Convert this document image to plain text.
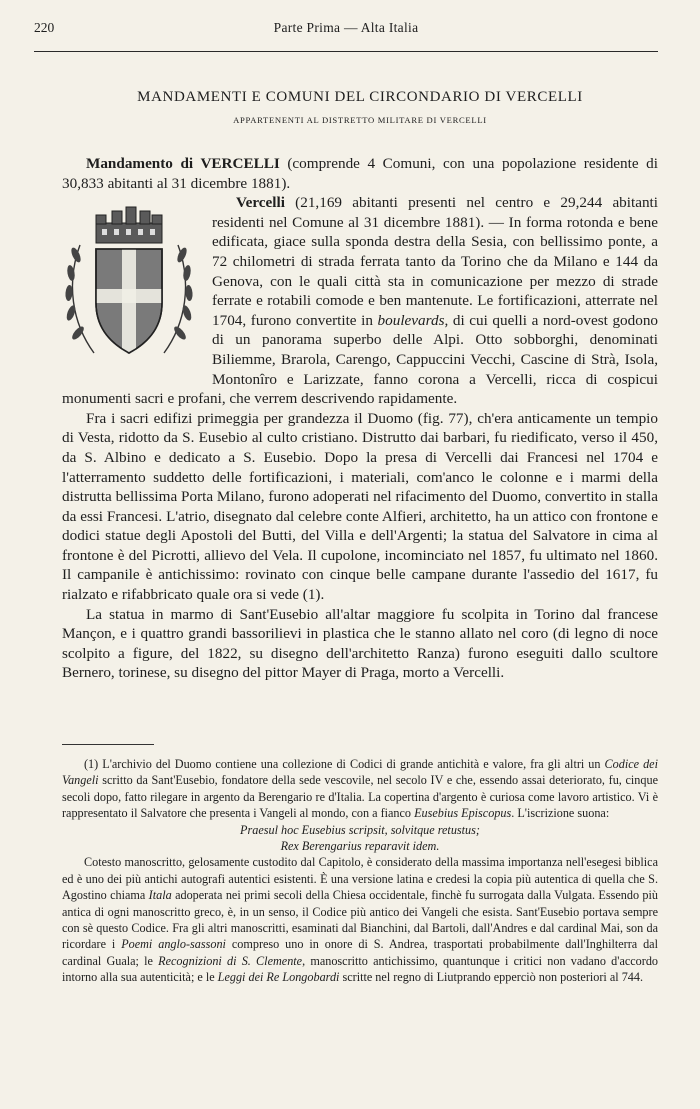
220	Parte Prima — Alta Italia
MANDAMENTI E COMUNI DEL CIRCONDARIO DI VERCELLI
APPARTENENTI AL DISTRETTO MILITARE DI VERCELLI

Mandamento di VERCELLI (comprende 4 Comuni, con una popolazione residente di 30,833 abitanti al 31 dicembre 1881).

Vercelli (21,169 abitanti presenti nel centro e 29,244 abitanti residenti nel Comune al 31 dicembre 1881). — In forma rotonda e bene edificata, giace sulla sponda destra della Sesia, con bellissimo ponte, a 72 chilometri di strada ferrata tanto da Torino che da Milano e 144 da Genova, con le quali città sta in comunicazione per mezzo di strade ferrate e rotabili comode e ben mantenute. Le fortificazioni, atterrate nel 1704, furono convertite in boulevards, di cui quelli a nord-ovest godono di un panorama superbo delle Alpi. Otto sobborghi, denominati Biliemme, Brarola, Carengo, Cappuccini Vecchi, Cascine di Strà, Isola, Montonîro e Larizzate, fanno corona a Vercelli, ricca di cospicui monumenti sacri e profani, che verrem descrivendo rapidamente.

Fra i sacri edifizi primeggia per grandezza il Duomo (fig. 77), ch'era anticamente un tempio di Vesta, ridotto da S. Eusebio al culto cristiano. Distrutto dai barbari, fu riedificato, verso il 450, da S. Albino e dedicato a S. Eusebio. Dopo la presa di Vercelli dai Francesi nel 1704 e l'atterramento suddetto delle fortificazioni, i materiali, com'anco le colonne e i marmi della distrutta bellissima Porta Milano, furono adoperati nel rifacimento del Duomo, convertito in stalla da essi Francesi. L'atrio, disegnato dal celebre conte Alfieri, architetto, ha un attico con frontone e dodici statue degli Apostoli del Butti, del Villa e dell'Argenti; la statua del Salvatore in cima al frontone è del Picrotti, allievo del Vela. Il cupolone, incominciato nel 1857, fu ultimato nel 1860. Il campanile è antichissimo: rovinato con cinque belle campane durante l'assedio del 1617, fu rialzato e rifabbricato quale ora si vede (1).

La statua in marmo di Sant'Eusebio all'altar maggiore fu scolpita in Torino dal francese Mançon, e i quattro grandi bassorilievi in plastica che le stanno allato nel coro (di legno di noce scolpito a figure, del 1822, su disegno dell'architetto Ranza) furono eseguiti dallo scultore Bernero, torinese, su disegno del pittor Mayer di Praga, morto a Vercelli.

(1) L'archivio del Duomo contiene una collezione di Codici di grande antichità e valore, fra gli altri un Codice dei Vangeli scritto da Sant'Eusebio, fondatore della sede vescovile, nel secolo IV e che, essendo assai deteriorato, fu, cinque secoli dopo, fatto rilegare in argento da Berengario re d'Italia. La copertina d'argento è curiosa come lavoro artistico. Vi è rappresentato il Salvatore che presenta i Vangeli al mondo, con a fianco Eusebius Episcopus. L'iscrizione suona:

Praesul hoc Eusebius scripsit, solvitque retustus;

Rex Berengarius reparavit idem.

Cotesto manoscritto, gelosamente custodito dal Capitolo, è considerato della massima importanza nell'esegesi biblica ed è uno dei più antichi autografi autentici esistenti. È una versione latina e credesi la copia più autentica di quella che S. Agostino chiama Itala adoperata nei primi secoli della Chiesa occidentale, finchè fu surrogata dalla Vulgata. Essendo più antica di ogni manoscritto greco, è, in un senso, il Codice più antico dei Vangeli che esista. Sant'Eusebio portava sempre con sè questo Codice. Fra gli altri manoscritti, esaminati dal Bianchini, dal Bartoli, dall'Andres e dal cardinal Mai, son da ricordare i Poemi anglo-sassoni compreso uno in onore di S. Andrea, trasportati probabilmente dall'Inghilterra dal cardinal Guala; le Recognizioni di S. Clemente, manoscritto antichissimo, quantunque i critici non vadano d'accordo intorno alla sua autenticità; e le Leggi dei Re Longobardi scritte nel regno di Liutprando epperciò non posteriori al 744.
